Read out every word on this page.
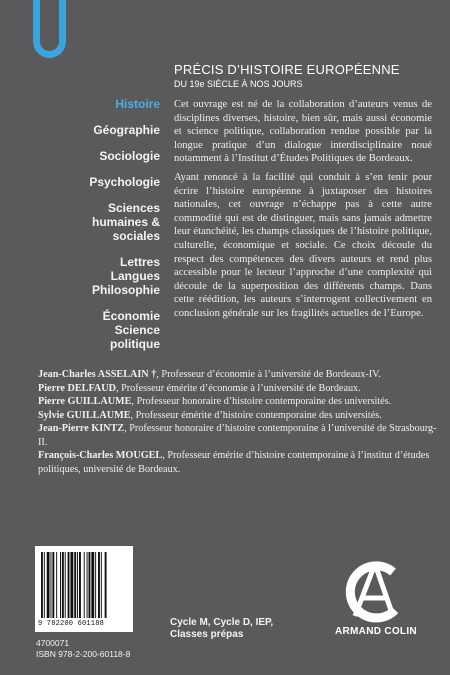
PRÉCIS D’HISTOIRE EUROPÉENNE
DU 19e SIÈCLE À NOS JOURS
Histoire
Géographie
Sociologie
Psychologie
Sciences humaines & sociales
Lettres Langues Philosophie
Économie Science politique

Cet ouvrage est né de la collaboration d’auteurs venus de disciplines diverses, histoire, bien sûr, mais aussi économie et science politique, collaboration rendue possible par la longue pratique d’un dialogue interdisciplinaire noué notamment à l’Institut d’Études Politiques de Bordeaux.

Ayant renoncé à la facilité qui conduit à s’en tenir pour écrire l’histoire européenne à juxtaposer des histoires nationales, cet ouvrage n’échappe pas à cette autre commodité qui est de distinguer, mais sans jamais admettre leur étanchéité, les champs classiques de l’histoire politique, culturelle, économique et sociale. Ce choix découle du respect des compétences des divers auteurs et rend plus accessible pour le lecteur l’approche d’une complexité qui découle de la superposition des différents champs. Dans cette réédition, les auteurs s’interrogent collectivement en conclusion générale sur les fragilités actuelles de l’Europe.

Jean-Charles ASSELAIN †, Professeur d’économie à l’université de Bordeaux-IV.

Pierre DELFAUD, Professeur émérite d’économie à l’université de Bordeaux.

Pierre GUILLAUME, Professeur honoraire d’histoire contemporaine des universités.

Sylvie GUILLAUME, Professeur émérite d’histoire contemporaine des universités.

Jean-Pierre KINTZ, Professeur honoraire d’histoire contemporaine à l’université de Strasbourg-II.

François-Charles MOUGEL, Professeur émérite d’histoire contemporaine à l’institut d’études politiques, université de Bordeaux.

9 782200 601188
4700071
ISBN 978-2-200-60118-8
Cycle M, Cycle D, IEP,
Classes prépas	ARMAND COLIN
